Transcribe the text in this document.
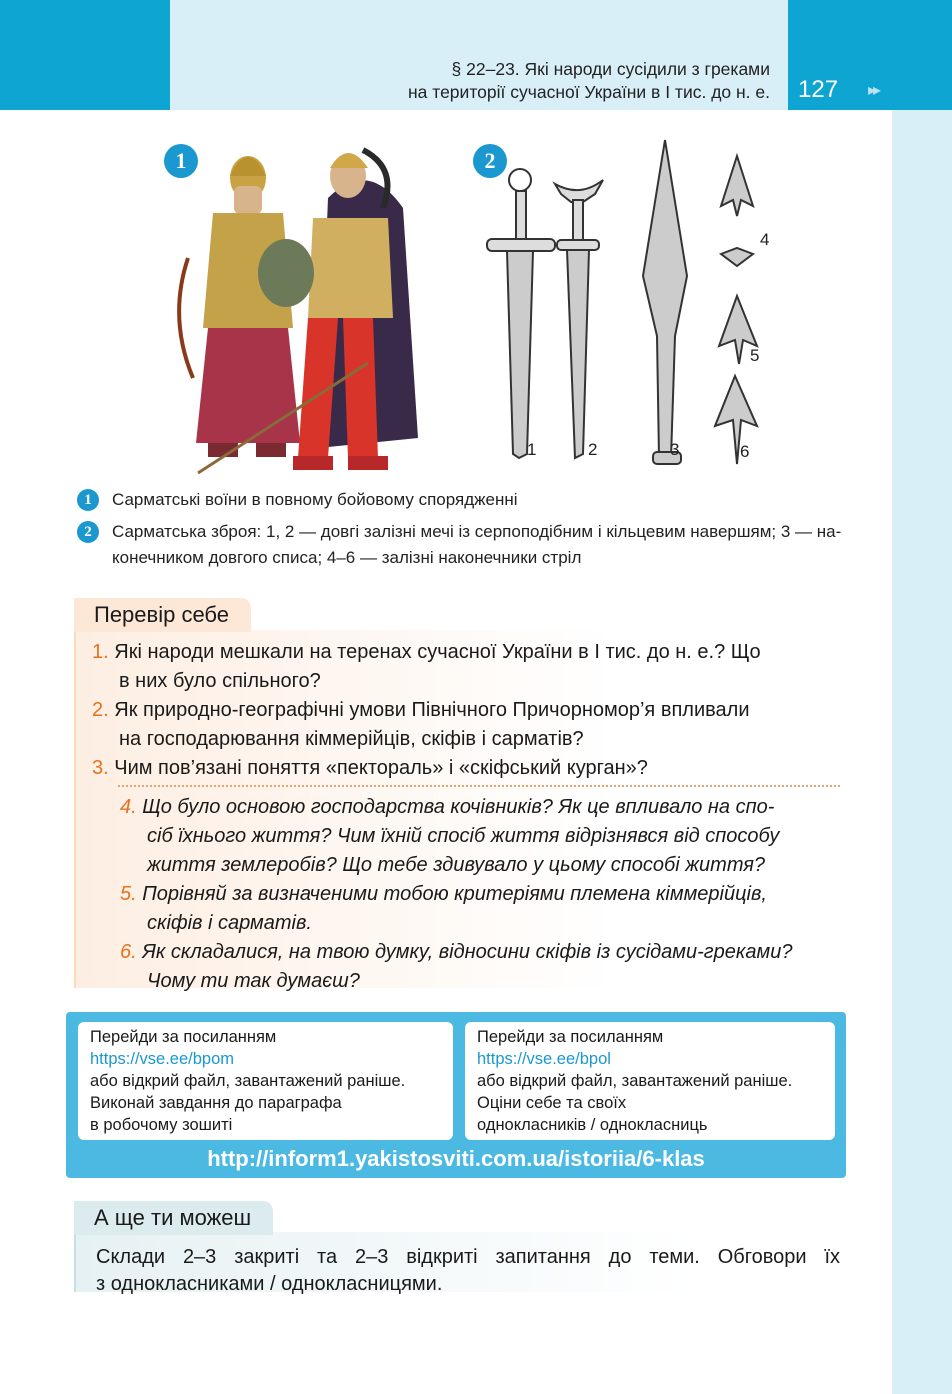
§ 22–23. Які народи сусідили з греками
на території сучасної України в I тис. до н. е. 127 ▸▸
1	2
1	2	3
4
5
6
1	Сарматські воїни в повному бойовому спорядженні
2	Сарматська зброя: 1, 2 — довгі залізні мечі із серпоподібним і кільцевим навершям; 3 — на-
конечником довгого списа; 4–6 — залізні наконечники стріл
Перевір себе
1. Які народи мешкали на теренах сучасної України в I тис. до н. е.? Що
в них було спільного?
2. Як природно-географічні умови Північного Причорномор’я впливали
на господарювання кіммерійців, скіфів і сарматів?
3. Чим пов’язані поняття «пектораль» і «скіфський курган»?
4. Що було основою господарства кочівників? Як це впливало на спо-
сіб їхнього життя? Чим їхній спосіб життя відрізнявся від способу
життя землеробів? Що тебе здивувало у цьому способі життя?
5. Порівняй за визначеними тобою критеріями племена кіммерійців,
скіфів і сарматів.
6. Як складалися, на твою думку, відносини скіфів із сусідами-греками?
Чому ти так думаєш?
Перейди за посиланням
https://vse.ee/bpom
або відкрий файл, завантажений раніше.
Виконай завдання до параграфа
в робочому зошиті
Перейди за посиланням
https://vse.ee/bpol
або відкрий файл, завантажений раніше.
Оціни себе та своїх
однокласників / однокласниць
http://inform1.yakistosviti.com.ua/istoriia/6-klas
А ще ти можеш
Склади 2–3 закриті та 2–3 відкриті запитання до теми. Обговори їх
з однокласниками / однокласницями.
